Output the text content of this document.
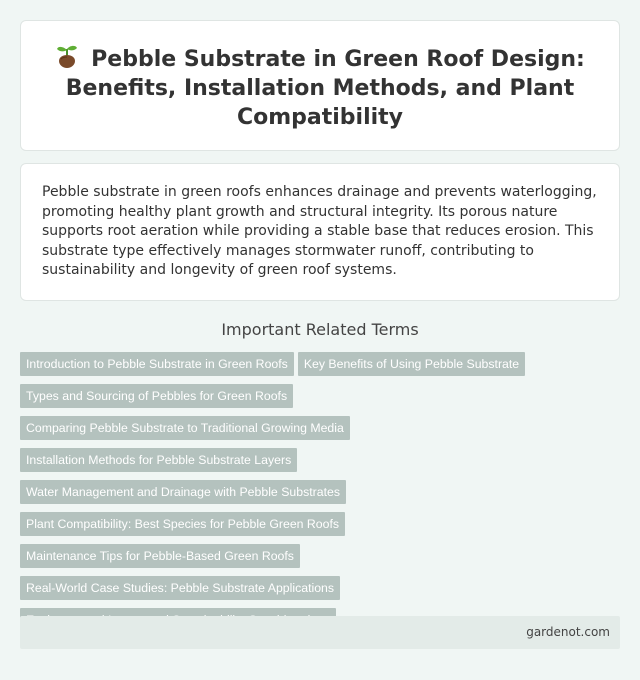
Pebble Substrate in Green Roof Design: Benefits, Installation Methods, and Plant Compatibility

Pebble substrate in green roofs enhances drainage and prevents waterlogging, promoting healthy plant growth and structural integrity. Its porous nature supports root aeration while providing a stable base that reduces erosion. This substrate type effectively manages stormwater runoff, contributing to sustainability and longevity of green roof systems.

Important Related Terms
Introduction to Pebble Substrate in Green Roofs	Key Benefits of Using Pebble Substrate
Types and Sourcing of Pebbles for Green Roofs
Comparing Pebble Substrate to Traditional Growing Media
Installation Methods for Pebble Substrate Layers
Water Management and Drainage with Pebble Substrates
Plant Compatibility: Best Species for Pebble Green Roofs
Maintenance Tips for Pebble-Based Green Roofs
Real-World Case Studies: Pebble Substrate Applications
gardenot.com
